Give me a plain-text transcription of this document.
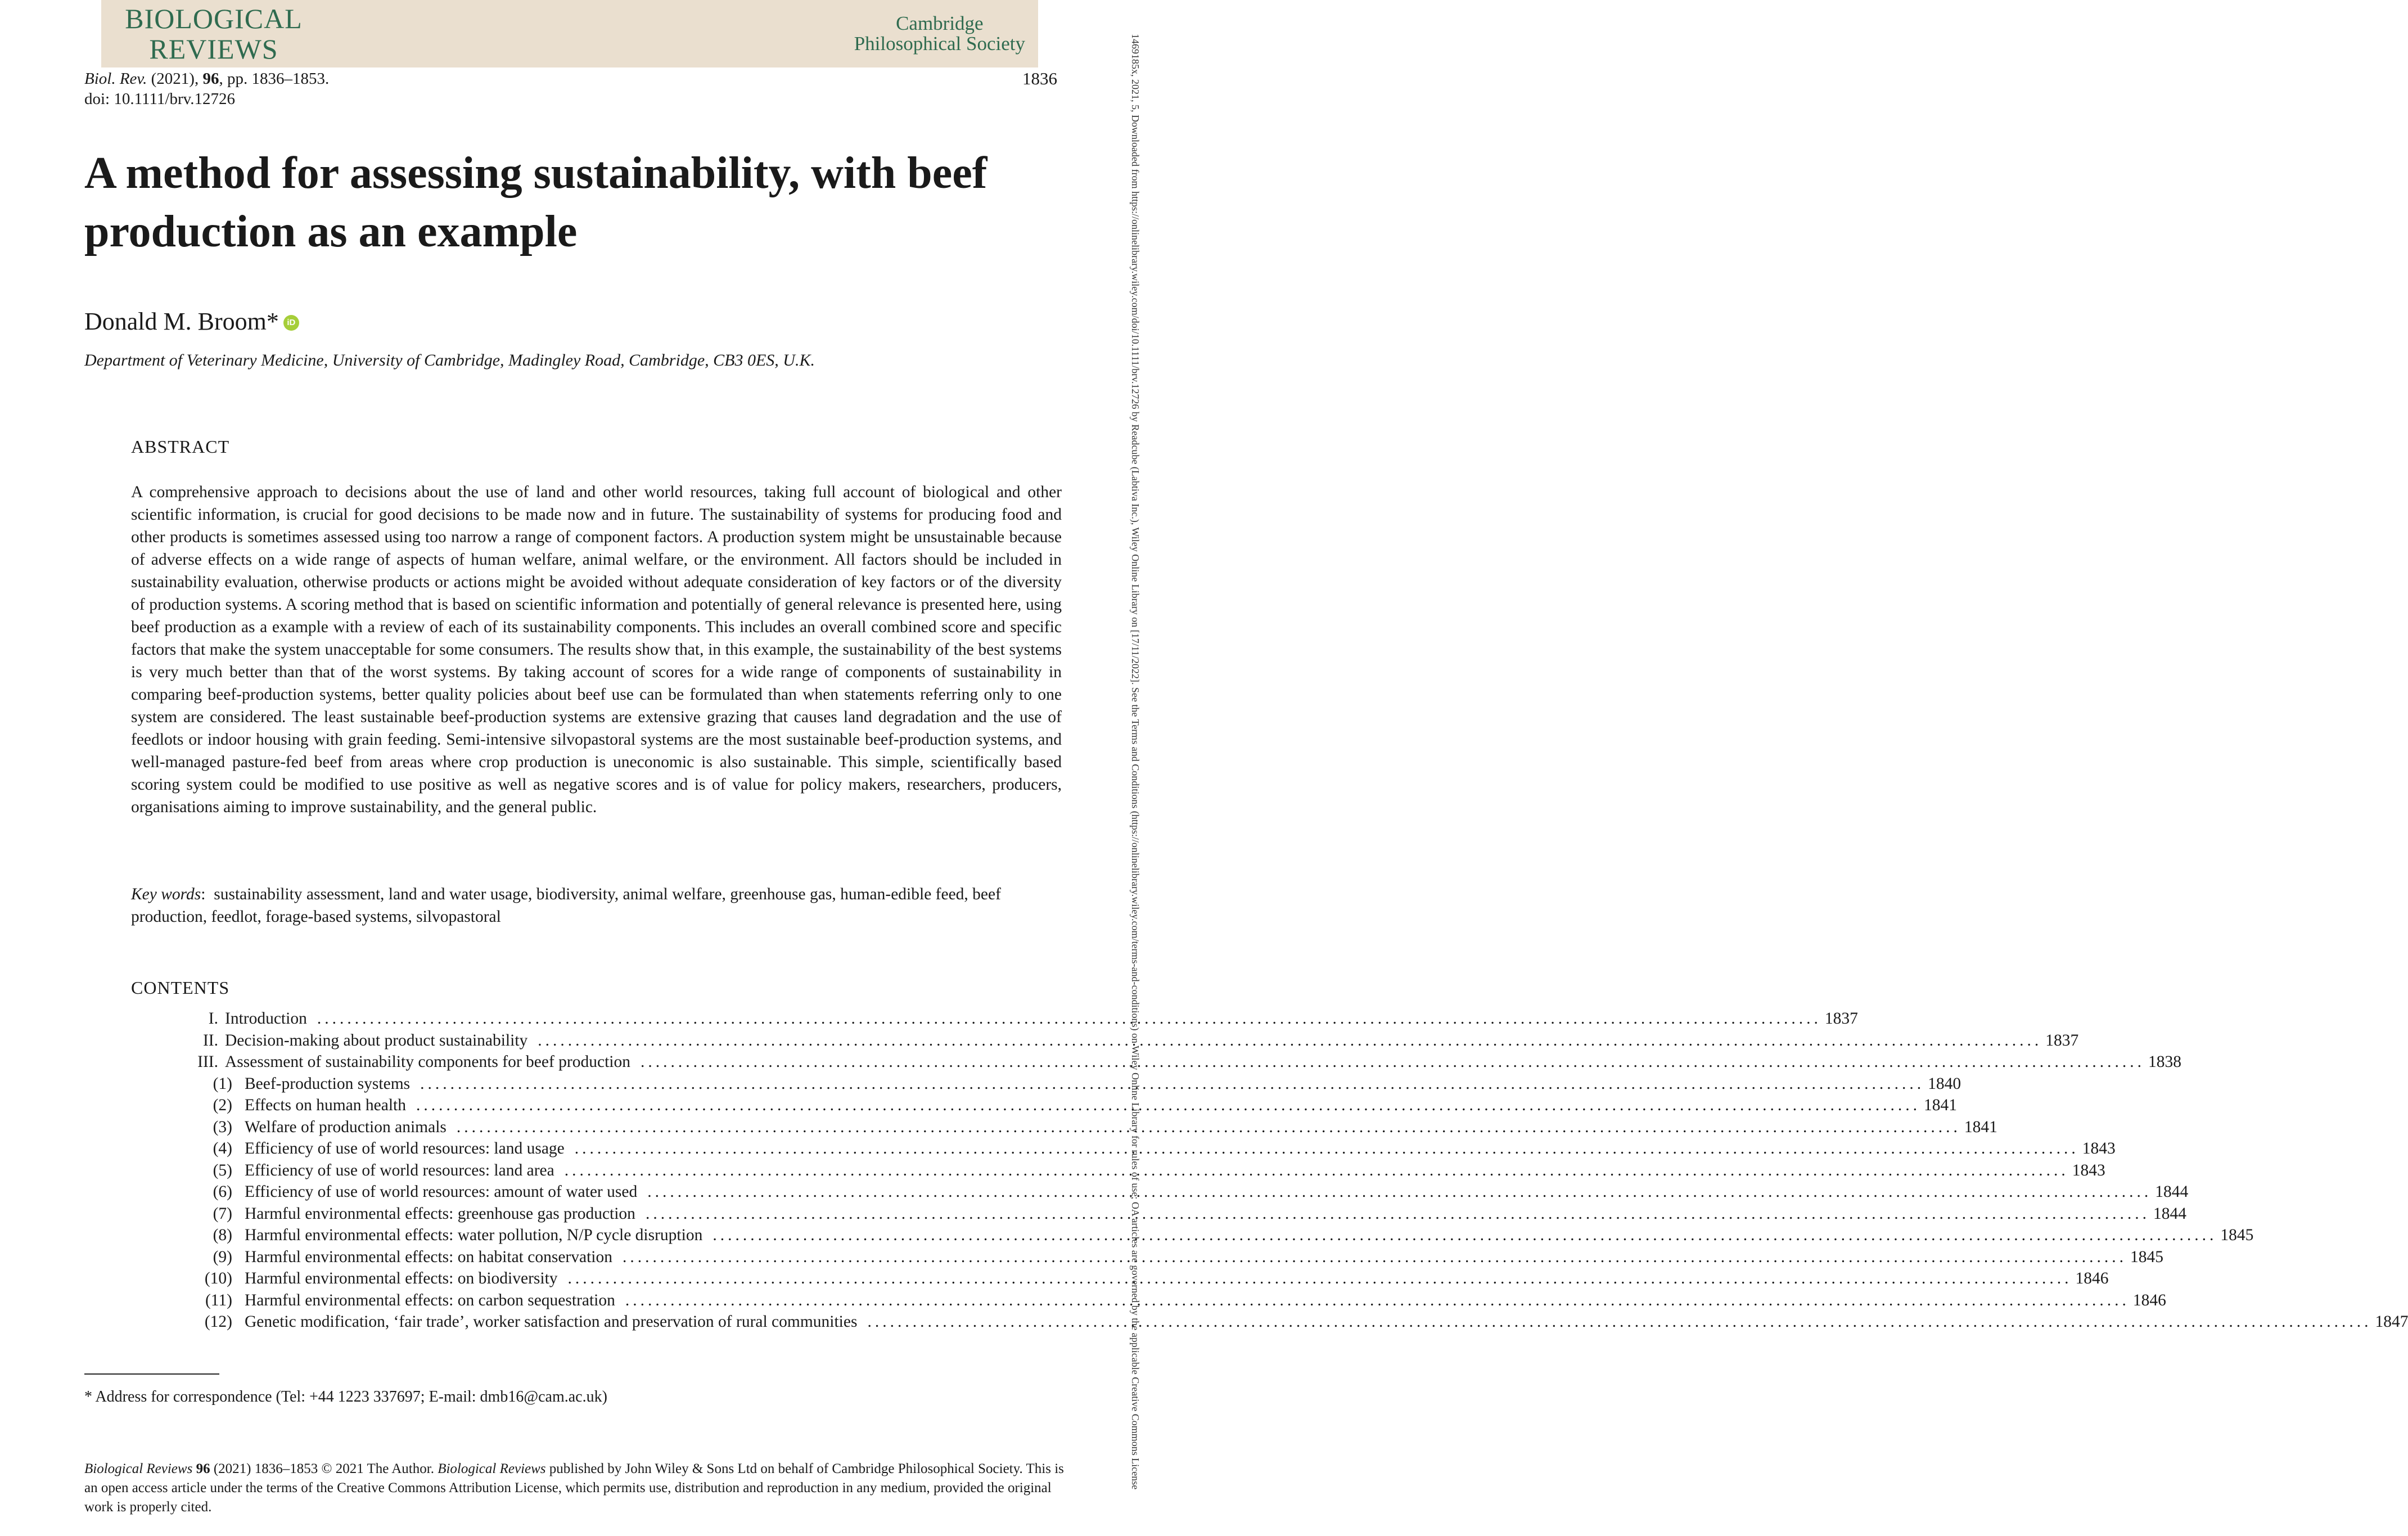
BIOLOGICAL
REVIEWS
Cambridge
Philosophical Society
Biol. Rev. (2021), 96, pp. 1836–1853.
doi: 10.1111/brv.12726
1836
A method for assessing sustainability, with beef production as an example
Donald M. Broom* iD
Department of Veterinary Medicine, University of Cambridge, Madingley Road, Cambridge, CB3 0ES, U.K.
ABSTRACT

A comprehensive approach to decisions about the use of land and other world resources, taking full account of biological and other scientific information, is crucial for good decisions to be made now and in future. The sustainability of systems for producing food and other products is sometimes assessed using too narrow a range of component factors. A production system might be unsustainable because of adverse effects on a wide range of aspects of human welfare, animal welfare, or the environment. All factors should be included in sustainability evaluation, otherwise products or actions might be avoided without adequate consideration of key factors or of the diversity of production systems. A scoring method that is based on scientific information and potentially of general relevance is presented here, using beef production as a example with a review of each of its sustainability components. This includes an overall combined score and specific factors that make the system unacceptable for some consumers. The results show that, in this example, the sustainability of the best systems is very much better than that of the worst systems. By taking account of scores for a wide range of components of sustainability in comparing beef-production systems, better quality policies about beef use can be formulated than when statements referring only to one system are considered. The least sustainable beef-production systems are extensive grazing that causes land degradation and the use of feedlots or indoor housing with grain feeding. Semi-intensive silvopastoral systems are the most sustainable beef-production systems, and well-managed pasture-fed beef from areas where crop production is uneconomic is also sustainable. This simple, scientifically based scoring system could be modified to use positive as well as negative scores and is of value for policy makers, researchers, producers, organisations aiming to improve sustainability, and the general public.

Key words:  sustainability assessment, land and water usage, biodiversity, animal welfare, greenhouse gas, human-edible feed, beef production, feedlot, forage-based systems, silvopastoral

CONTENTS
I. Introduction ........................................................................................................................................................................................................ 1837
II. Decision-making about product sustainability ........................................................................................................................................................................................................ 1837
III. Assessment of sustainability components for beef production ........................................................................................................................................................................................................ 1838
(1) Beef-production systems ........................................................................................................................................................................................................ 1840
(2) Effects on human health ........................................................................................................................................................................................................ 1841
(3) Welfare of production animals ........................................................................................................................................................................................................ 1841
(4) Efficiency of use of world resources: land usage ........................................................................................................................................................................................................ 1843
(5) Efficiency of use of world resources: land area ........................................................................................................................................................................................................ 1843
(6) Efficiency of use of world resources: amount of water used ........................................................................................................................................................................................................ 1844
(7) Harmful environmental effects: greenhouse gas production ........................................................................................................................................................................................................ 1844
(8) Harmful environmental effects: water pollution, N/P cycle disruption ........................................................................................................................................................................................................ 1845
(9) Harmful environmental effects: on habitat conservation ........................................................................................................................................................................................................ 1845
(10) Harmful environmental effects: on biodiversity ........................................................................................................................................................................................................ 1846
(11) Harmful environmental effects: on carbon sequestration ........................................................................................................................................................................................................ 1846
(12) Genetic modification, ‘fair trade’, worker satisfaction and preservation of rural communities ........................................................................................................................................................................................................ 1847
* Address for correspondence (Tel: +44 1223 337697; E-mail: dmb16@cam.ac.uk)

Biological Reviews 96 (2021) 1836–1853 © 2021 The Author. Biological Reviews published by John Wiley & Sons Ltd on behalf of Cambridge Philosophical Society. This is an open access article under the terms of the Creative Commons Attribution License, which permits use, distribution and reproduction in any medium, provided the original work is properly cited.

1469185x, 2021, 5, Downloaded from https://onlinelibrary.wiley.com/doi/10.1111/brv.12726 by Readcube (Labtiva Inc.), Wiley Online Library on [17/11/2022]. See the Terms and Conditions (https://onlinelibrary.wiley.com/terms-and-conditions) on Wiley Online Library for rules of use; OA articles are governed by the applicable Creative Commons License
